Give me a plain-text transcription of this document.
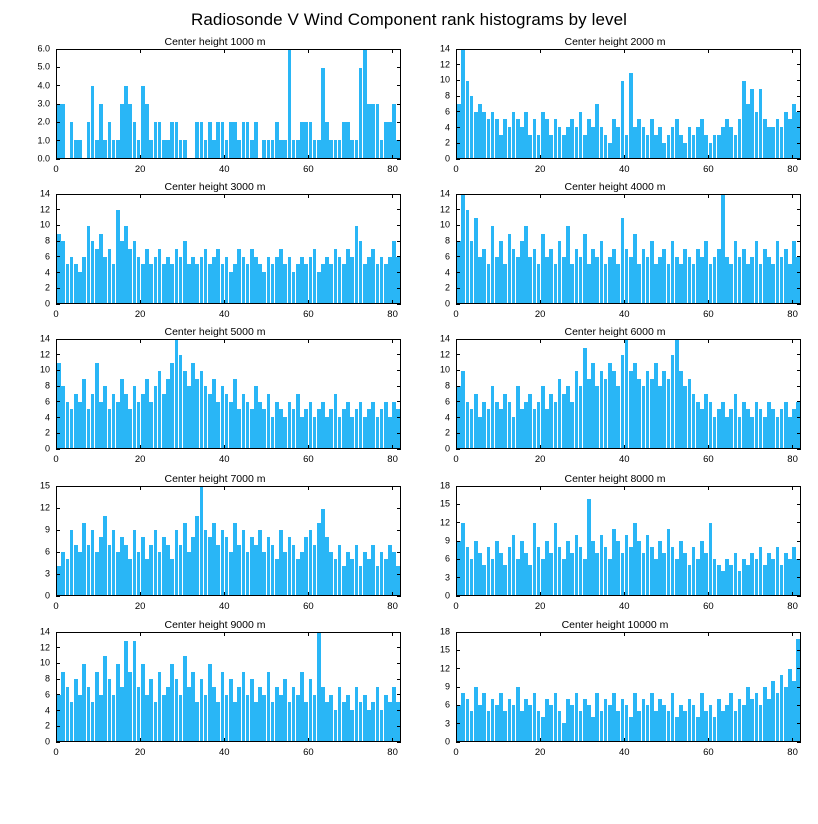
Radiosonde V Wind Component rank histograms by level
Center height 1000 m
0.0
1.0
2.0
3.0
4.0
5.0
6.0
0	20	40	60	80
Center height 2000 m
0
2
4
6
8
10
12
14
0	20	40	60	80
Center height 3000 m
0
2
4
6
8
10
12
14
0	20	40	60	80
Center height 4000 m
0
2
4
6
8
10
12
14
0	20	40	60	80
Center height 5000 m
0
2
4
6
8
10
12
14
0	20	40	60	80
Center height 6000 m
0
2
4
6
8
10
12
14
0	20	40	60	80
Center height 7000 m
0
3
6
9
12
15
0	20	40	60	80
Center height 8000 m
0
3
6
9
12
15
18
0	20	40	60	80
Center height 9000 m
0
2
4
6
8
10
12
14
0	20	40	60	80
Center height 10000 m
0
3
6
9
12
15
18
0	20	40	60	80
